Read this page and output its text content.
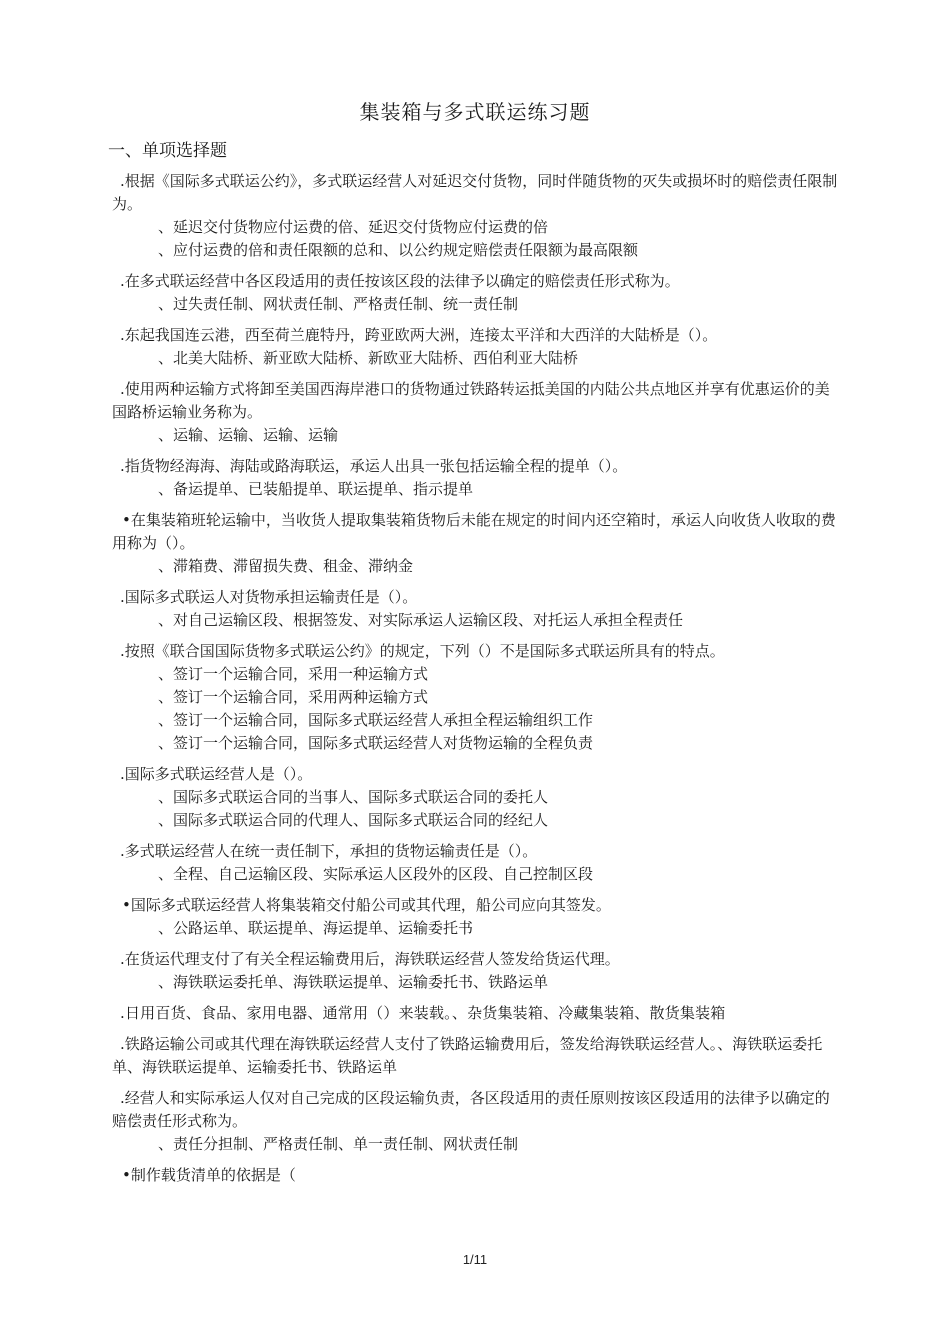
集装箱与多式联运练习题
一、单项选择题

.根据《国际多式联运公约》，多式联运经营人对延迟交付货物，同时伴随货物的灭失或损坏时的赔偿责任限制为。

、延迟交付货物应付运费的倍、延迟交付货物应付运费的倍

、应付运费的倍和责任限额的总和、以公约规定赔偿责任限额为最高限额

.在多式联运经营中各区段适用的责任按该区段的法律予以确定的赔偿责任形式称为。

、过失责任制、网状责任制、严格责任制、统一责任制

.东起我国连云港，西至荷兰鹿特丹，跨亚欧两大洲，连接太平洋和大西洋的大陆桥是（）。

、北美大陆桥、新亚欧大陆桥、新欧亚大陆桥、西伯利亚大陆桥

.使用两种运输方式将卸至美国西海岸港口的货物通过铁路转运抵美国的内陆公共点地区并享有优惠运价的美国路桥运输业务称为。

、运输、运输、运输、运输

.指货物经海海、海陆或路海联运，承运人出具一张包括运输全程的提单（）。

、备运提单、已装船提单、联运提单、指示提单

•在集装箱班轮运输中，当收货人提取集装箱货物后未能在规定的时间内还空箱时，承运人向收货人收取的费用称为（）。

、滞箱费、滞留损失费、租金、滞纳金

.国际多式联运人对货物承担运输责任是（）。

、对自己运输区段、根据签发、对实际承运人运输区段、对托运人承担全程责任

.按照《联合国国际货物多式联运公约》的规定，下列（）不是国际多式联运所具有的特点。

、签订一个运输合同，采用一种运输方式

、签订一个运输合同，采用两种运输方式

、签订一个运输合同，国际多式联运经营人承担全程运输组织工作

、签订一个运输合同，国际多式联运经营人对货物运输的全程负责

.国际多式联运经营人是（）。

、国际多式联运合同的当事人、国际多式联运合同的委托人

、国际多式联运合同的代理人、国际多式联运合同的经纪人

.多式联运经营人在统一责任制下，承担的货物运输责任是（）。

、全程、自己运输区段、实际承运人区段外的区段、自己控制区段

•国际多式联运经营人将集装箱交付船公司或其代理，船公司应向其签发。

、公路运单、联运提单、海运提单、运输委托书

.在货运代理支付了有关全程运输费用后，海铁联运经营人签发给货运代理。

、海铁联运委托单、海铁联运提单、运输委托书、铁路运单

.日用百货、食品、家用电器、通常用（）来装载。、杂货集装箱、冷藏集装箱、散货集装箱

.铁路运输公司或其代理在海铁联运经营人支付了铁路运输费用后，签发给海铁联运经营人。、海铁联运委托单、海铁联运提单、运输委托书、铁路运单

.经营人和实际承运人仅对自己完成的区段运输负责，各区段适用的责任原则按该区段适用的法律予以确定的赔偿责任形式称为。

、责任分担制、严格责任制、单一责任制、网状责任制

•制作载货清单的依据是（

1/11
